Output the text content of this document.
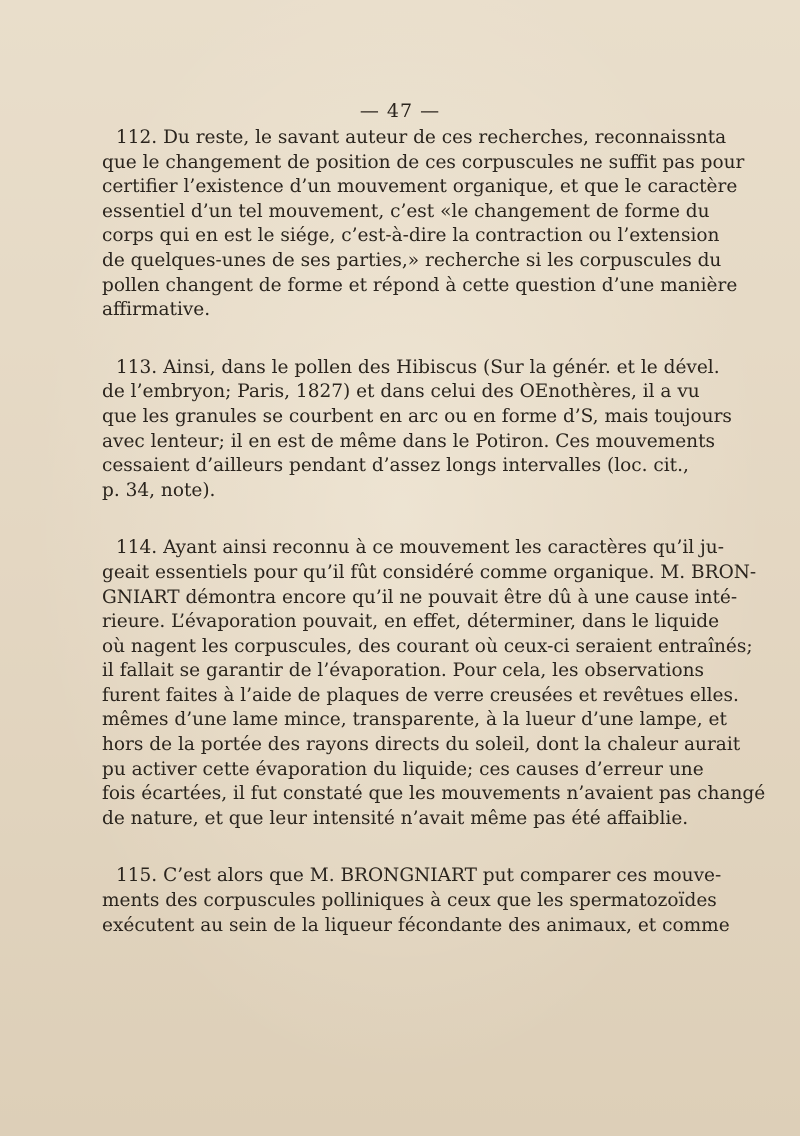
— 47 —
112. Du reste, le savant auteur de ces recherches, reconnaissnta
que le changement de position de ces corpuscules ne suffit pas pour
certifier l’existence d’un mouvement organique, et que le caractère
essentiel d’un tel mouvement, c’est «le changement de forme du
corps qui en est le siége, c’est-à-dire la contraction ou l’extension
de quelques-unes de ses parties,» recherche si les corpuscules du
pollen changent de forme et répond à cette question d’une manière
affirmative.
113. Ainsi, dans le pollen des Hibiscus (Sur la génér. et le dével.
de l’embryon; Paris, 1827) et dans celui des OEnothères, il a vu
que les granules se courbent en arc ou en forme d’S, mais toujours
avec lenteur; il en est de même dans le Potiron. Ces mouvements
cessaient d’ailleurs pendant d’assez longs intervalles (loc. cit.,
p. 34, note).
114. Ayant ainsi reconnu à ce mouvement les caractères qu’il ju-
geait essentiels pour qu’il fût considéré comme organique. M. BRON-
GNIART démontra encore qu’il ne pouvait être dû à une cause inté-
rieure. L’évaporation pouvait, en effet, déterminer, dans le liquide
où nagent les corpuscules, des courant où ceux-ci seraient entraînés;
il fallait se garantir de l’évaporation. Pour cela, les observations
furent faites à l’aide de plaques de verre creusées et revêtues elles.
mêmes d’une lame mince, transparente, à la lueur d’une lampe, et
hors de la portée des rayons directs du soleil, dont la chaleur aurait
pu activer cette évaporation du liquide; ces causes d’erreur une
fois écartées, il fut constaté que les mouvements n’avaient pas changé
de nature, et que leur intensité n’avait même pas été affaiblie.
115. C’est alors que M. BRONGNIART put comparer ces mouve-
ments des corpuscules polliniques à ceux que les spermatozoïdes
exécutent au sein de la liqueur fécondante des animaux, et comme
